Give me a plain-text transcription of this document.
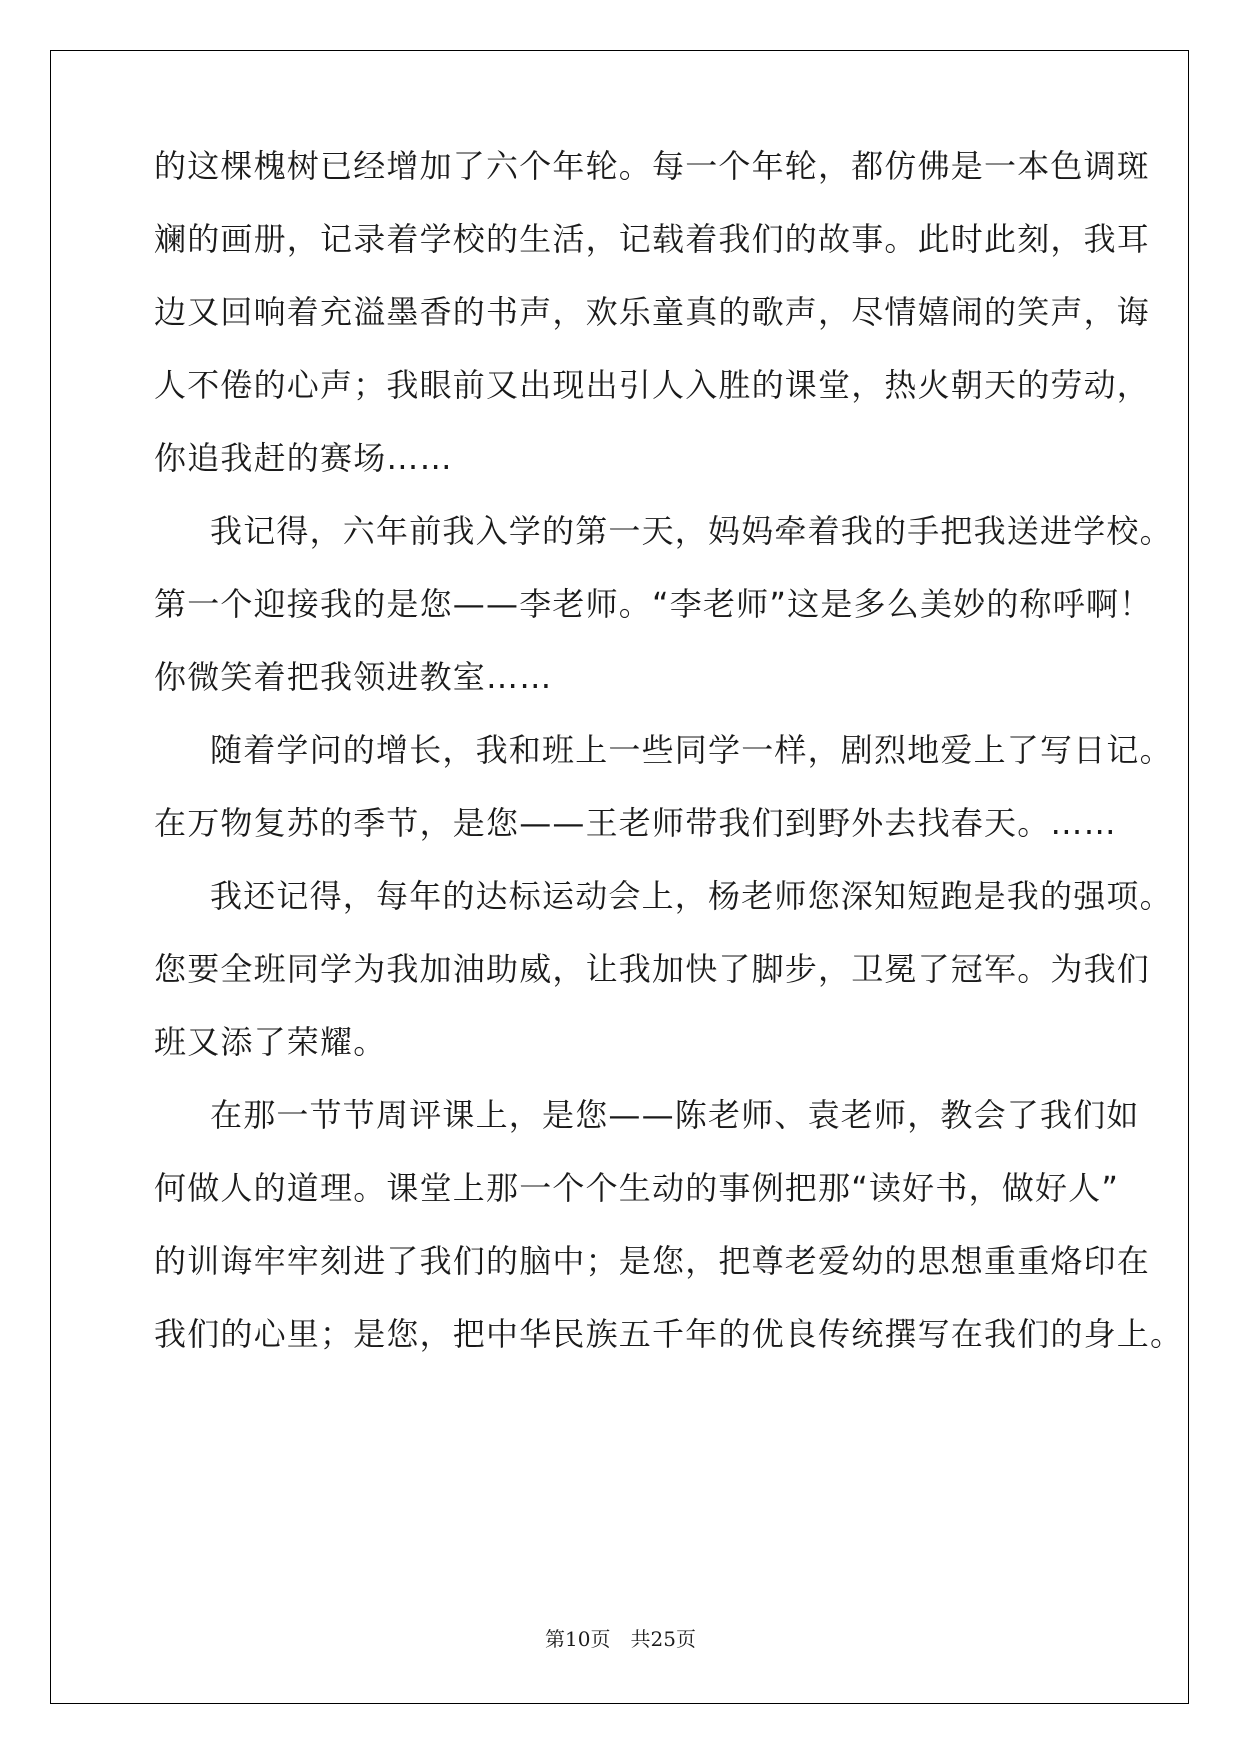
的这棵槐树已经增加了六个年轮。每一个年轮，都仿佛是一本色调斑
斓的画册，记录着学校的生活，记载着我们的故事。此时此刻，我耳
边又回响着充溢墨香的书声，欢乐童真的歌声，尽情嬉闹的笑声，诲
人不倦的心声；我眼前又出现出引人入胜的课堂，热火朝天的劳动，
你追我赶的赛场……
我记得，六年前我入学的第一天，妈妈牵着我的手把我送进学校。
第一个迎接我的是您——李老师。“李老师”这是多么美妙的称呼啊！
你微笑着把我领进教室……
随着学问的增长，我和班上一些同学一样，剧烈地爱上了写日记。
在万物复苏的季节，是您——王老师带我们到野外去找春天。……
我还记得，每年的达标运动会上，杨老师您深知短跑是我的强项。
您要全班同学为我加油助威，让我加快了脚步，卫冕了冠军。为我们
班又添了荣耀。
在那一节节周评课上，是您——陈老师、袁老师，教会了我们如
何做人的道理。课堂上那一个个生动的事例把那“读好书，做好人”
的训诲牢牢刻进了我们的脑中；是您，把尊老爱幼的思想重重烙印在
我们的心里；是您，把中华民族五千年的优良传统撰写在我们的身上。
第10页　共25页
